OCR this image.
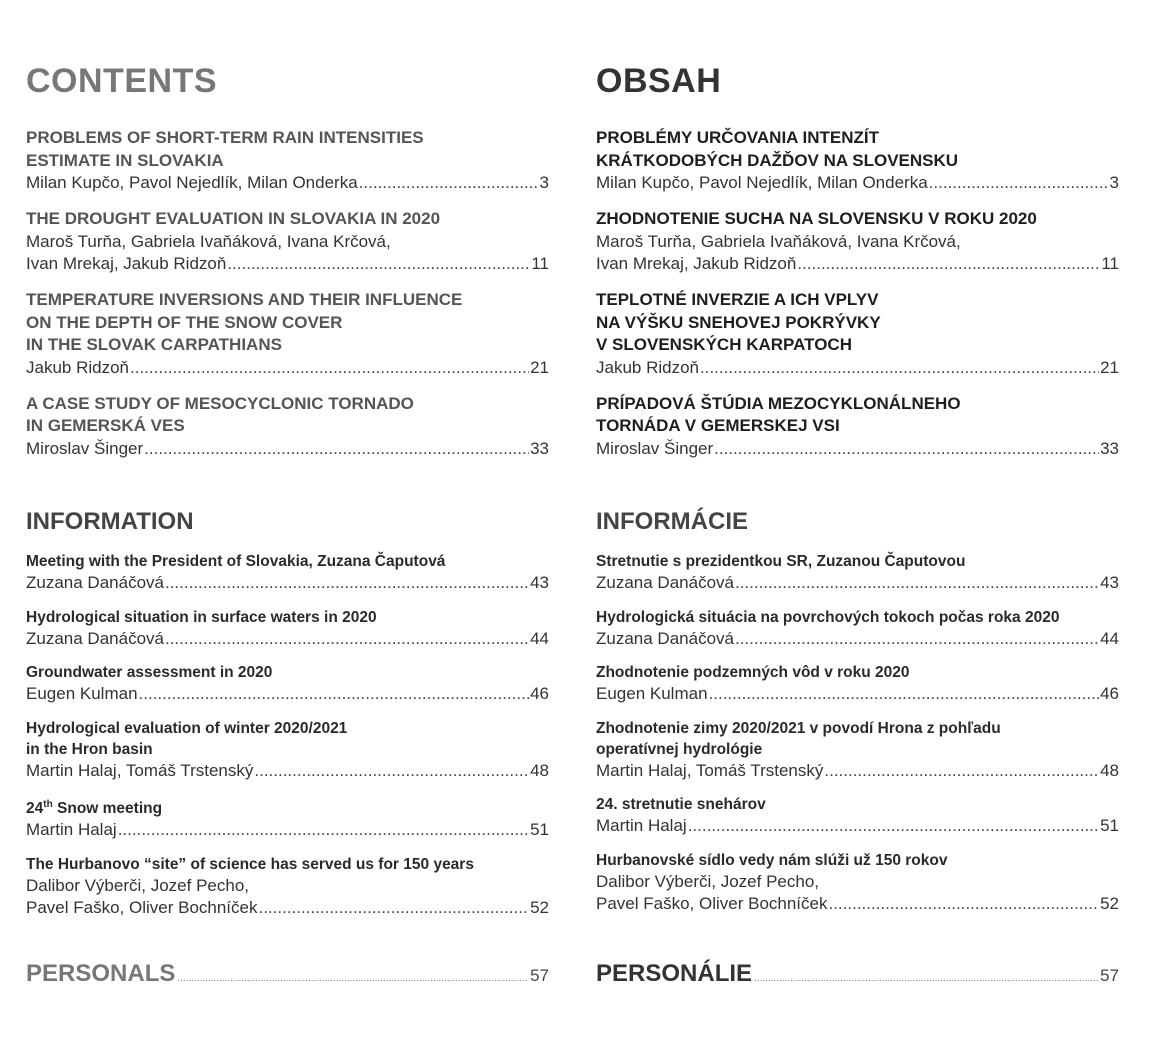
CONTENTS
PROBLEMS OF SHORT-TERM RAIN INTENSITIES
ESTIMATE IN SLOVAKIA
Milan Kupčo, Pavol Nejedlík, Milan Onderka .....	3
THE DROUGHT EVALUATION IN SLOVAKIA IN 2020
Maroš Turňa, Gabriela Ivaňáková, Ivana Krčová,
Ivan Mrekaj, Jakub Ridzoň .....	11
TEMPERATURE INVERSIONS AND THEIR INFLUENCE
ON THE DEPTH OF THE SNOW COVER
IN THE SLOVAK CARPATHIANS
Jakub Ridzoň .....	21
A CASE STUDY OF MESOCYCLONIC TORNADO
IN GEMERSKÁ VES
Miroslav Šinger .....	33
INFORMATION
Meeting with the President of Slovakia, Zuzana Čaputová
Zuzana Danáčová .....	43
Hydrological situation in surface waters in 2020
Zuzana Danáčová .....	44
Groundwater assessment in 2020
Eugen Kulman .....	46
Hydrological evaluation of winter 2020/2021
in the Hron basin
Martin Halaj, Tomáš Trstenský .....	48
24th Snow meeting
Martin Halaj .....	51
The Hurbanovo “site” of science has served us for 150 years
Dalibor Výberči, Jozef Pecho,
Pavel Faško, Oliver Bochníček .....	52
PERSONALS .....	57
OBSAH
PROBLÉMY URČOVANIA INTENZÍT
KRÁTKODOBÝCH DAŽĎOV NA SLOVENSKU
Milan Kupčo, Pavol Nejedlík, Milan Onderka .....	3
ZHODNOTENIE SUCHA NA SLOVENSKU V ROKU 2020
Maroš Turňa, Gabriela Ivaňáková, Ivana Krčová,
Ivan Mrekaj, Jakub Ridzoň .....	11
TEPLOTNÉ INVERZIE A ICH VPLYV
NA VÝŠKU SNEHOVEJ POKRÝVKY
V SLOVENSKÝCH KARPATOCH
Jakub Ridzoň .....	21
PRÍPADOVÁ ŠTÚDIA MEZOCYKLONÁLNEHO
TORNÁDA V GEMERSKEJ VSI
Miroslav Šinger .....	33
INFORMÁCIE
Stretnutie s prezidentkou SR, Zuzanou Čaputovou
Zuzana Danáčová .....	43
Hydrologická situácia na povrchových tokoch počas roka 2020
Zuzana Danáčová .....	44
Zhodnotenie podzemných vôd v roku 2020
Eugen Kulman .....	46
Zhodnotenie zimy 2020/2021 v povodí Hrona z pohľadu
operatívnej hydrológie
Martin Halaj, Tomáš Trstenský .....	48
24. stretnutie snehárov
Martin Halaj .....	51
Hurbanovské sídlo vedy nám slúži už 150 rokov
Dalibor Výberči, Jozef Pecho,
Pavel Faško, Oliver Bochníček .....	52
PERSONÁLIE .....	57
